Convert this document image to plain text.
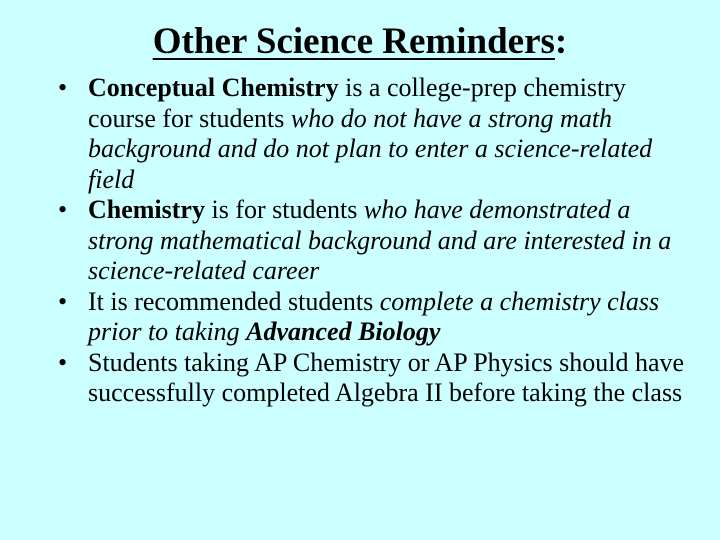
Other Science Reminders:
• Conceptual Chemistry is a college-prep chemistry course for students who do not have a strong math background and do not plan to enter a science-related field
• Chemistry is for students who have demonstrated a strong mathematical background and are interested in a science-related career
• It is recommended students complete a chemistry class prior to taking Advanced Biology
• Students taking AP Chemistry or AP Physics should have successfully completed Algebra II before taking the class
